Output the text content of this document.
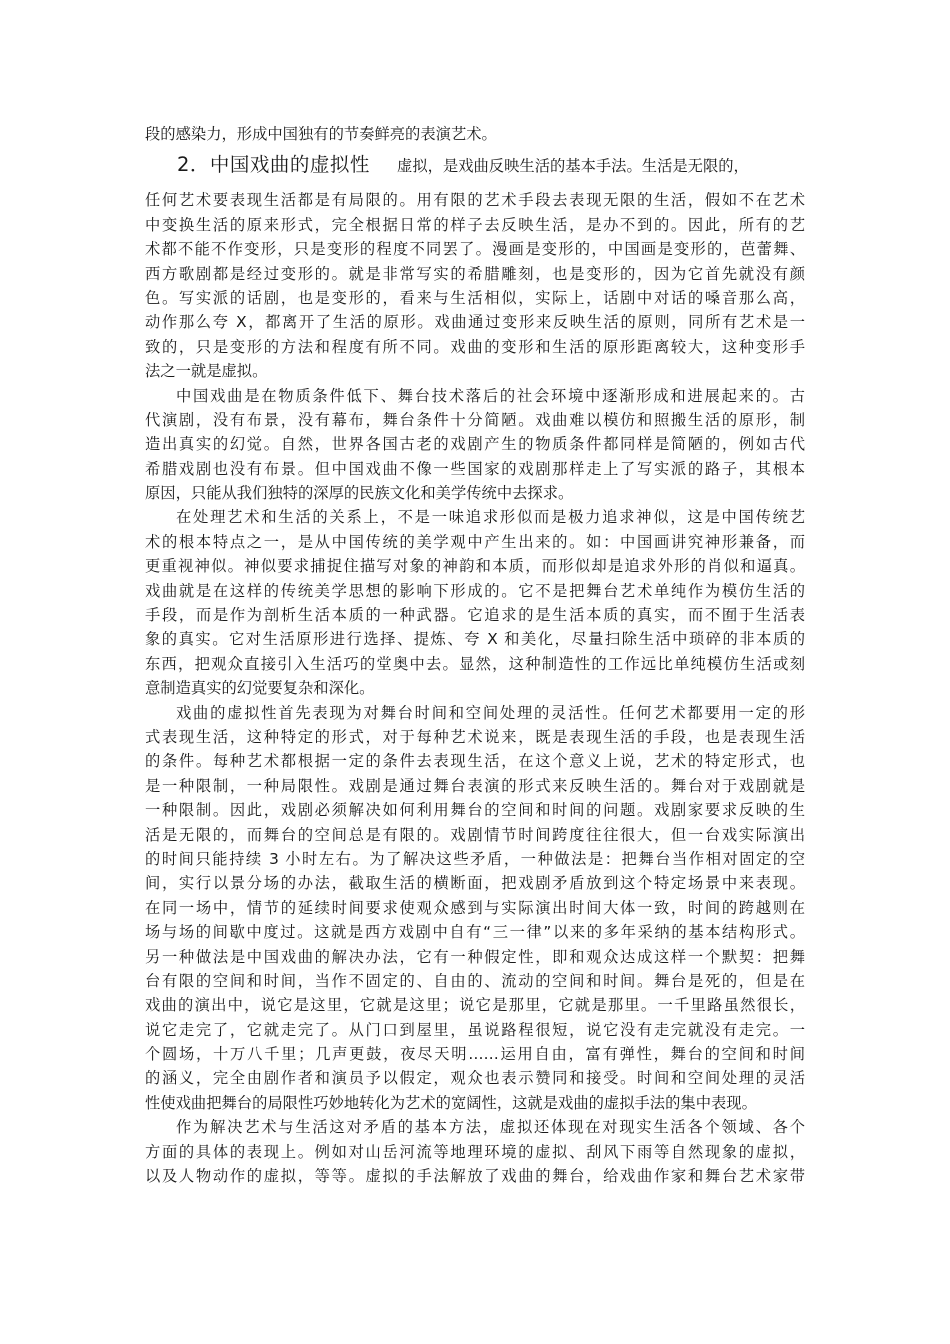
段的感染力，形成中国独有的节奏鲜亮的表演艺术。
2．中国戏曲的虚拟性 虚拟，是戏曲反映生活的基本手法。生活是无限的，
任何艺术要表现生活都是有局限的。用有限的艺术手段去表现无限的生活，假如不在艺术
中变换生活的原来形式，完全根据日常的样子去反映生活，是办不到的。因此，所有的艺
术都不能不作变形，只是变形的程度不同罢了。漫画是变形的，中国画是变形的，芭蕾舞、
西方歌剧都是经过变形的。就是非常写实的希腊雕刻，也是变形的，因为它首先就没有颜
色。写实派的话剧，也是变形的，看来与生活相似，实际上，话剧中对话的嗓音那么高，
动作那么夸 X，都离开了生活的原形。戏曲通过变形来反映生活的原则，同所有艺术是一
致的，只是变形的方法和程度有所不同。戏曲的变形和生活的原形距离较大，这种变形手
法之一就是虚拟。
中国戏曲是在物质条件低下、舞台技术落后的社会环境中逐渐形成和进展起来的。古
代演剧，没有布景，没有幕布，舞台条件十分简陋。戏曲难以模仿和照搬生活的原形，制
造出真实的幻觉。自然，世界各国古老的戏剧产生的物质条件都同样是简陋的，例如古代
希腊戏剧也没有布景。但中国戏曲不像一些国家的戏剧那样走上了写实派的路子，其根本
原因，只能从我们独特的深厚的民族文化和美学传统中去探求。
在处理艺术和生活的关系上，不是一味追求形似而是极力追求神似，这是中国传统艺
术的根本特点之一，是从中国传统的美学观中产生出来的。如：中国画讲究神形兼备，而
更重视神似。神似要求捕捉住描写对象的神韵和本质，而形似却是追求外形的肖似和逼真。
戏曲就是在这样的传统美学思想的影响下形成的。它不是把舞台艺术单纯作为模仿生活的
手段，而是作为剖析生活本质的一种武器。它追求的是生活本质的真实，而不囿于生活表
象的真实。它对生活原形进行选择、提炼、夸 X 和美化，尽量扫除生活中琐碎的非本质的
东西，把观众直接引入生活巧的堂奥中去。显然，这种制造性的工作远比单纯模仿生活或刻
意制造真实的幻觉要复杂和深化。
戏曲的虚拟性首先表现为对舞台时间和空间处理的灵活性。任何艺术都要用一定的形
式表现生活，这种特定的形式，对于每种艺术说来，既是表现生活的手段，也是表现生活
的条件。每种艺术都根据一定的条件去表现生活，在这个意义上说，艺术的特定形式，也
是一种限制，一种局限性。戏剧是通过舞台表演的形式来反映生活的。舞台对于戏剧就是
一种限制。因此，戏剧必须解决如何利用舞台的空间和时间的问题。戏剧家要求反映的生
活是无限的，而舞台的空间总是有限的。戏剧情节时间跨度往往很大，但一台戏实际演出
的时间只能持续 3 小时左右。为了解决这些矛盾，一种做法是：把舞台当作相对固定的空
间，实行以景分场的办法，截取生活的横断面，把戏剧矛盾放到这个特定场景中来表现。
在同一场中，情节的延续时间要求使观众感到与实际演出时间大体一致，时间的跨越则在
场与场的间歇中度过。这就是西方戏剧中自有“三一律”以来的多年采纳的基本结构形式。
另一种做法是中国戏曲的解决办法，它有一种假定性，即和观众达成这样一个默契：把舞
台有限的空间和时间，当作不固定的、自由的、流动的空间和时间。舞台是死的，但是在
戏曲的演出中，说它是这里，它就是这里；说它是那里，它就是那里。一千里路虽然很长，
说它走完了，它就走完了。从门口到屋里，虽说路程很短，说它没有走完就没有走完。一
个圆场，十万八千里；几声更鼓，夜尽天明……运用自由，富有弹性，舞台的空间和时间
的涵义，完全由剧作者和演员予以假定，观众也表示赞同和接受。时间和空间处理的灵活
性使戏曲把舞台的局限性巧妙地转化为艺术的宽阔性，这就是戏曲的虚拟手法的集中表现。
作为解决艺术与生活这对矛盾的基本方法，虚拟还体现在对现实生活各个领域、各个
方面的具体的表现上。例如对山岳河流等地理环境的虚拟、刮风下雨等自然现象的虚拟，
以及人物动作的虚拟，等等。虚拟的手法解放了戏曲的舞台，给戏曲作家和舞台艺术家带
